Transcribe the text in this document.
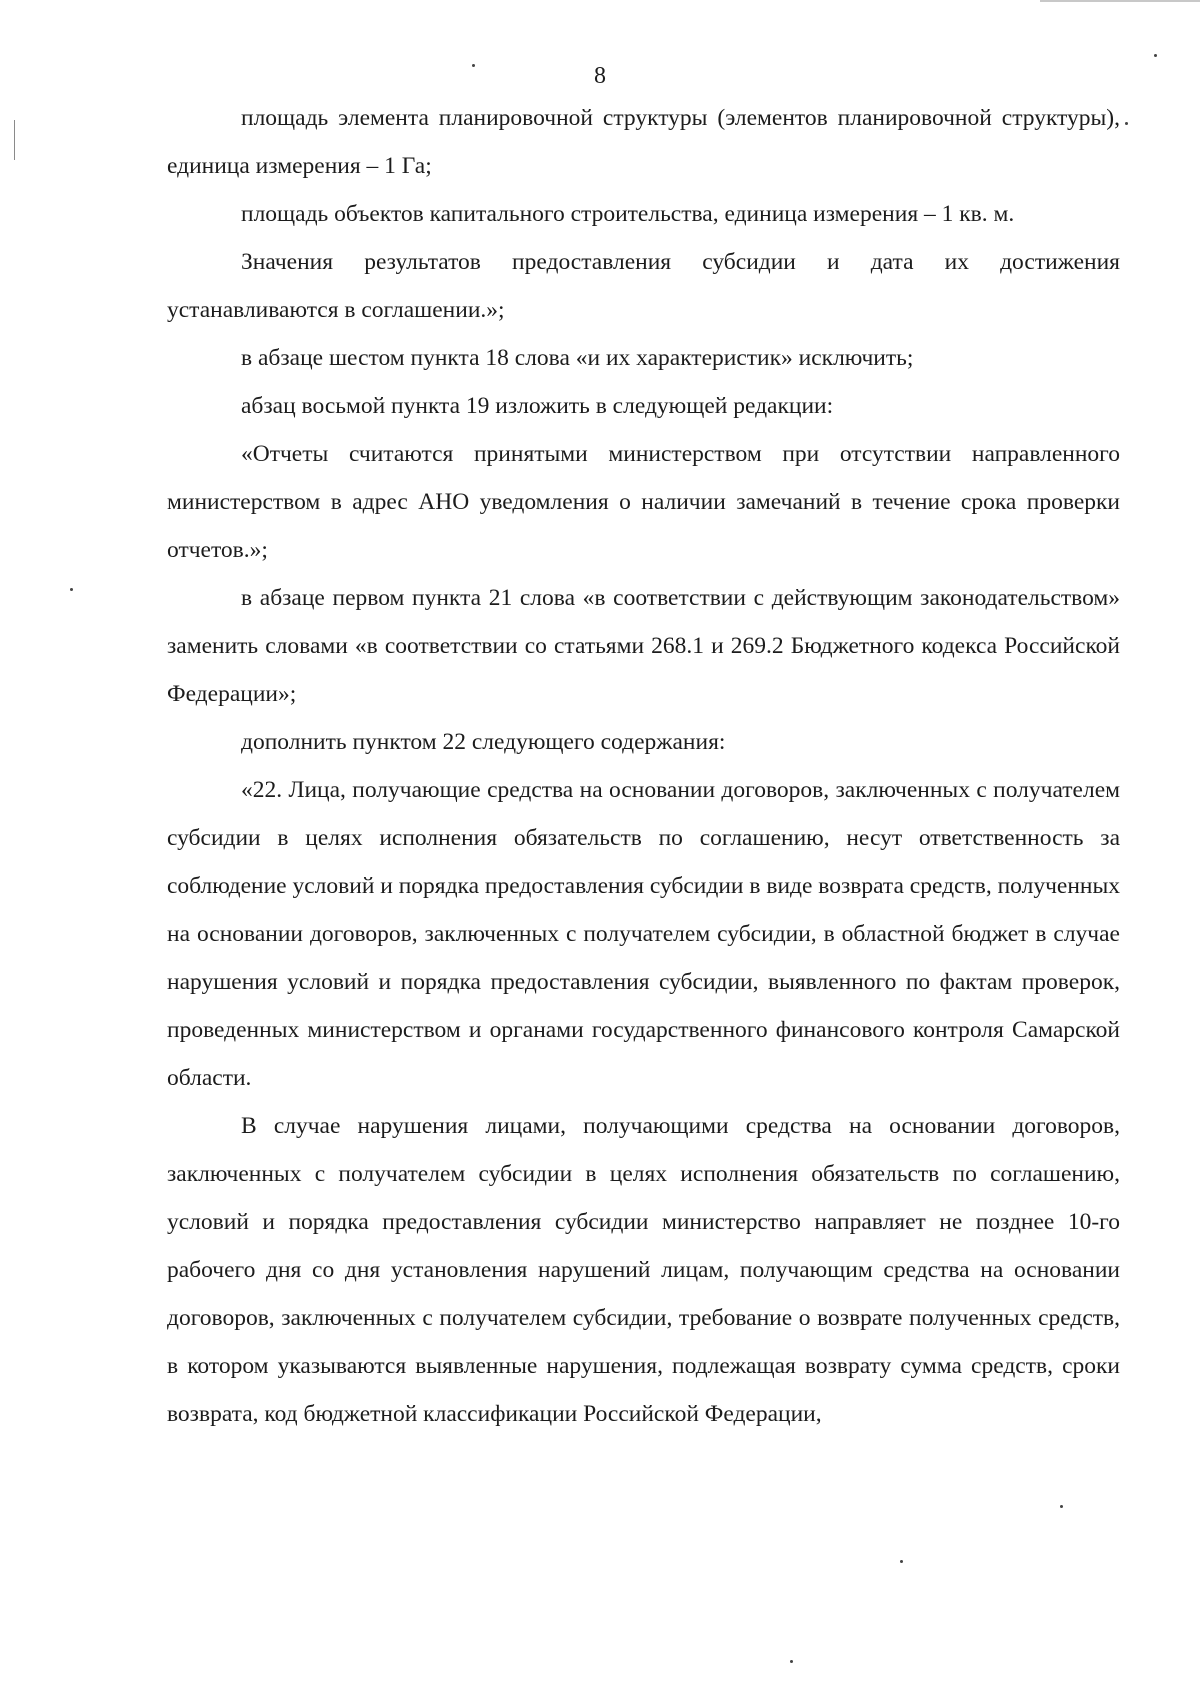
8

площадь элемента планировочной структуры (элементов планировочной структуры), единица измерения – 1 Га;

площадь объектов капитального строительства, единица измерения – 1 кв. м.

Значения результатов предоставления субсидии и дата их достижения устанавливаются в соглашении.»;

в абзаце шестом пункта 18 слова «и их характеристик» исключить;

абзац восьмой пункта 19 изложить в следующей редакции:

«Отчеты считаются принятыми министерством при отсутствии направленного министерством в адрес АНО уведомления о наличии замечаний в течение срока проверки отчетов.»;

в абзаце первом пункта 21 слова «в соответствии с действующим законодательством» заменить словами «в соответствии со статьями 268.1 и 269.2 Бюджетного кодекса Российской Федерации»;

дополнить пунктом 22 следующего содержания:

«22. Лица, получающие средства на основании договоров, заключенных с получателем субсидии в целях исполнения обязательств по соглашению, несут ответственность за соблюдение условий и порядка предоставления субсидии в виде возврата средств, полученных на основании договоров, заключенных с получателем субсидии, в областной бюджет в случае нарушения условий и порядка предоставления субсидии, выявленного по фактам проверок, проведенных министерством и органами государственного финансового контроля Самарской области.

В случае нарушения лицами, получающими средства на основании договоров, заключенных с получателем субсидии в целях исполнения обязательств по соглашению, условий и порядка предоставления субсидии министерство направляет не позднее 10-го рабочего дня со дня установления нарушений лицам, получающим средства на основании договоров, заключенных с получателем субсидии, требование о возврате полученных средств, в котором указываются выявленные нарушения, подлежащая возврату сумма средств, сроки возврата, код бюджетной классификации Российской Федерации,
